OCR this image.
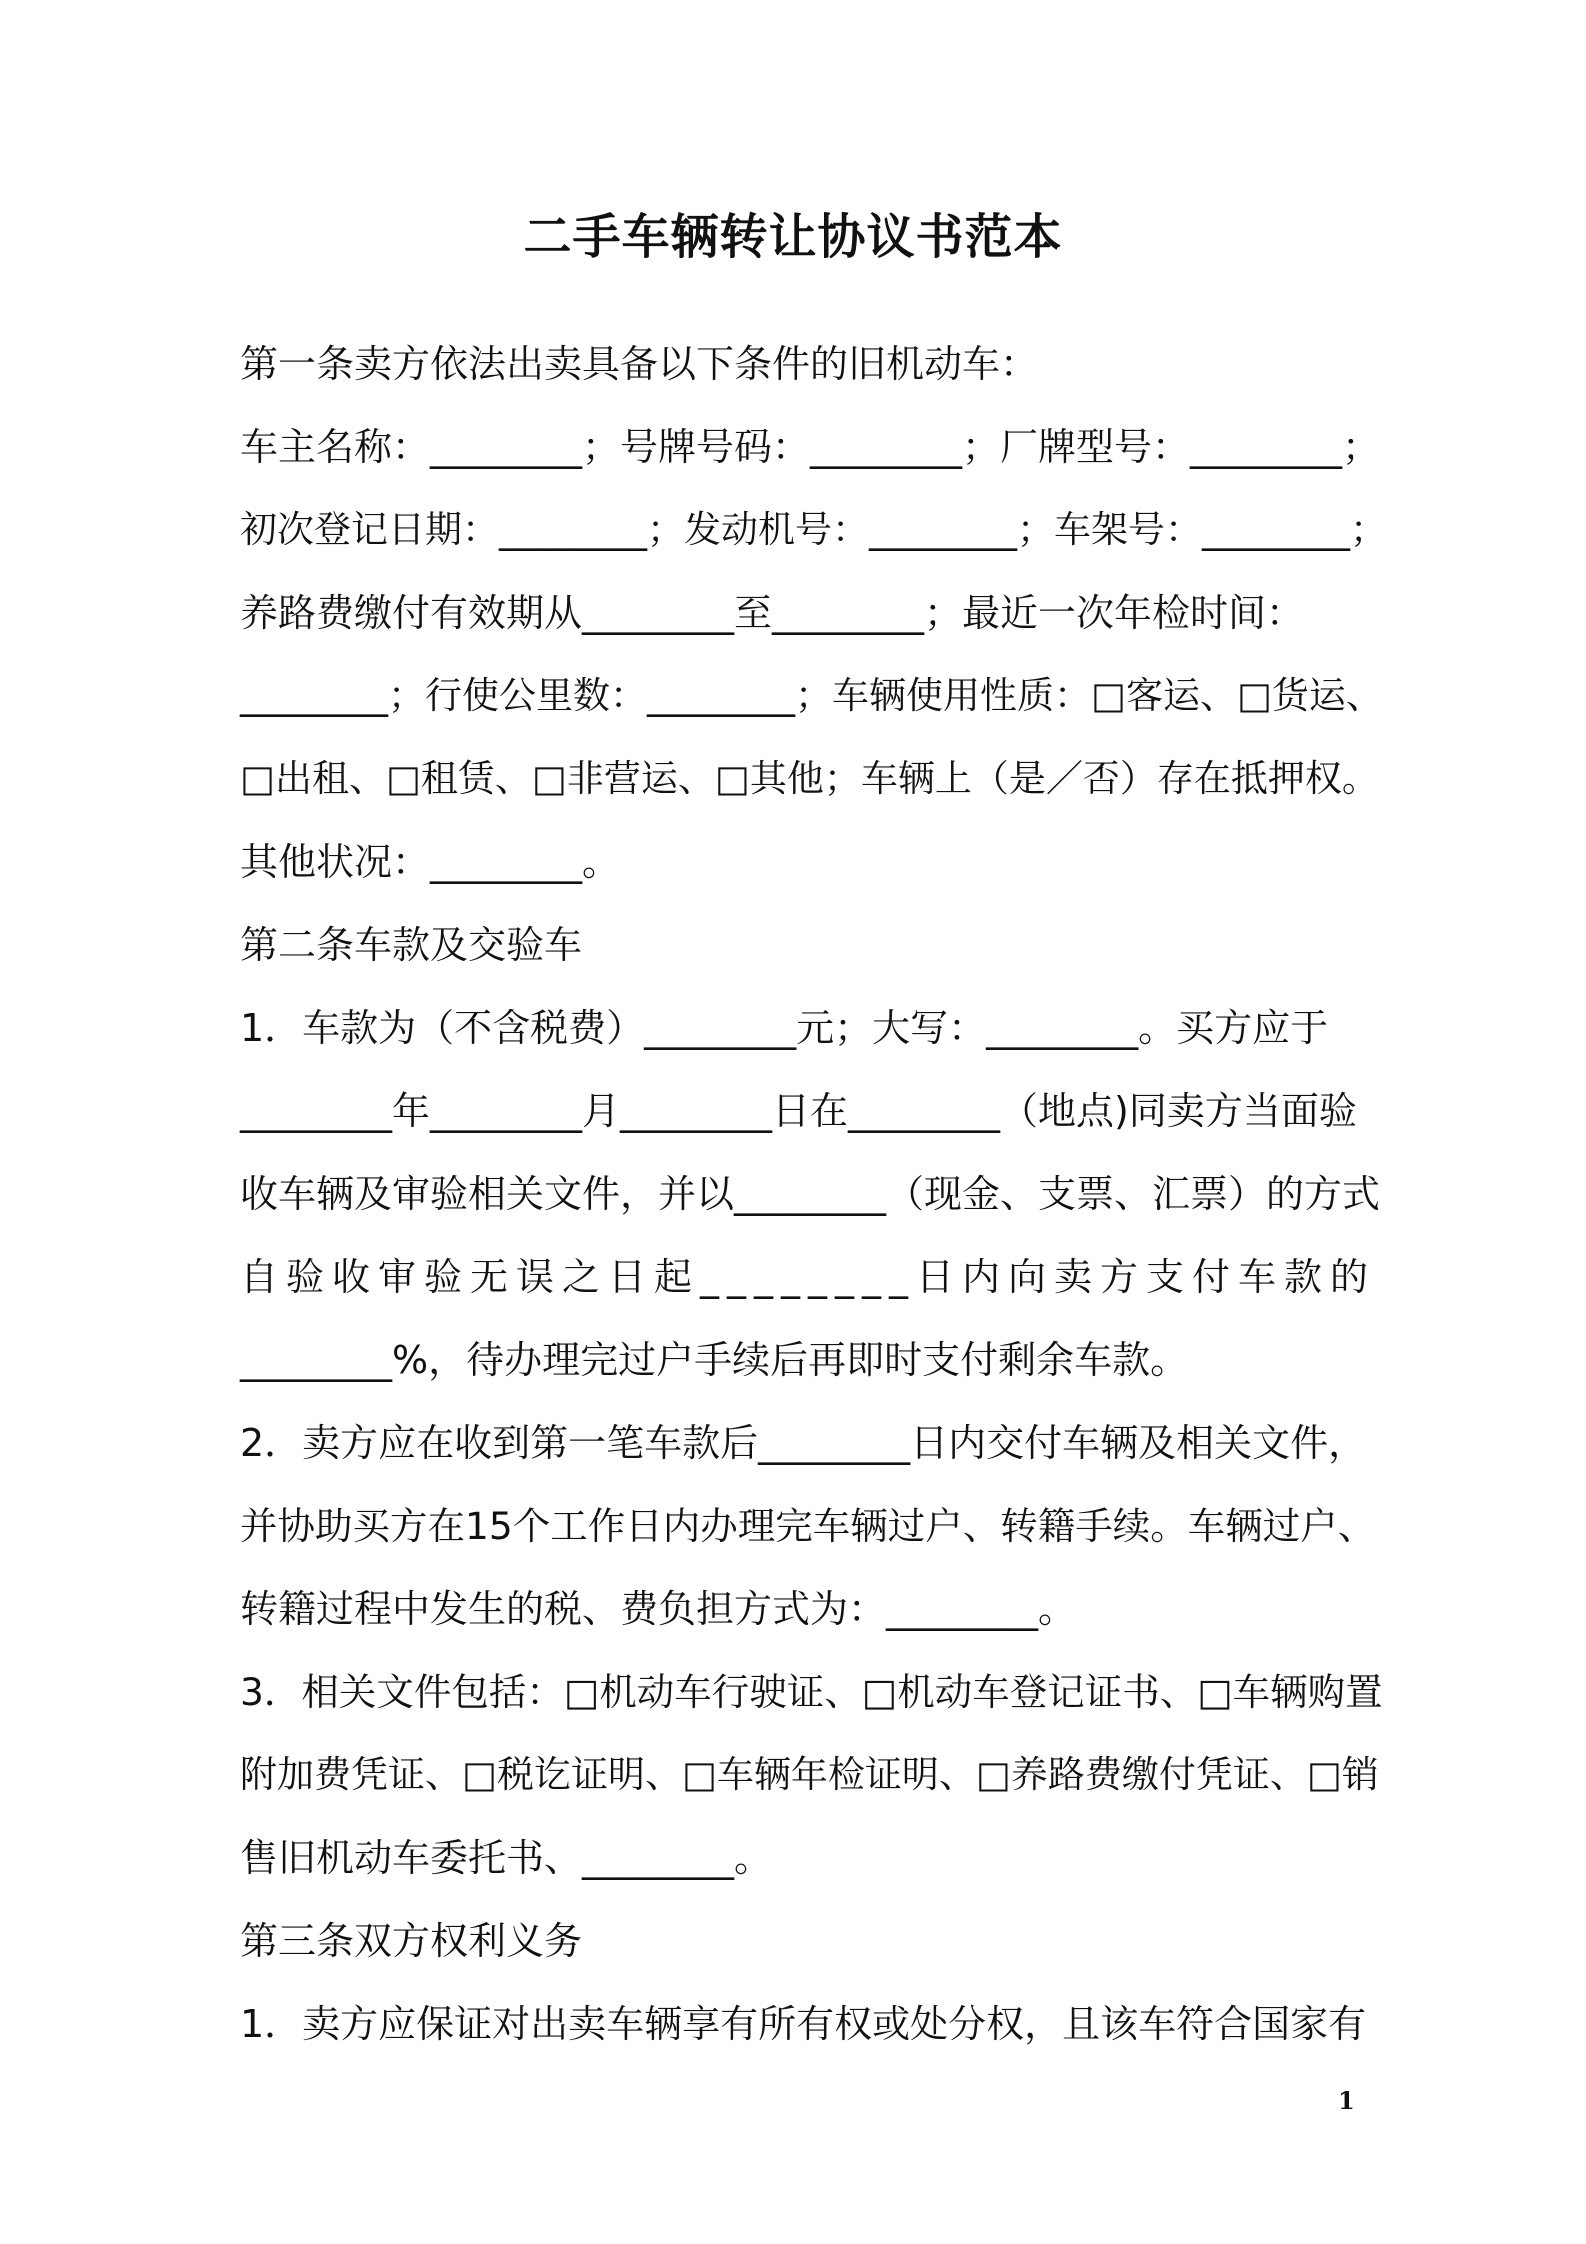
二手车辆转让协议书范本

第一条卖方依法出卖具备以下条件的旧机动车：

车主名称：________；号牌号码：________；厂牌型号：________；

初次登记日期：________；发动机号：________；车架号：________；

养路费缴付有效期从________至________；最近一次年检时间：

________；行使公里数：________；车辆使用性质：□客运、□货运、

□出租、□租赁、□非营运、□其他；车辆上（是／否）存在抵押权。

其他状况：________。

第二条车款及交验车

1．车款为（不含税费）________元；大写：________。买方应于

________年________月________日在________（地点)同卖方当面验

收车辆及审验相关文件，并以________（现金、支票、汇票）的方式

自验收审验无误之日起________日内向卖方支付车款的

________%，待办理完过户手续后再即时支付剩余车款。

2．卖方应在收到第一笔车款后________日内交付车辆及相关文件，

并协助买方在15个工作日内办理完车辆过户、转籍手续。车辆过户、

转籍过程中发生的税、费负担方式为：________。

3．相关文件包括：□机动车行驶证、□机动车登记证书、□车辆购置

附加费凭证、□税讫证明、□车辆年检证明、□养路费缴付凭证、□销

售旧机动车委托书、________。

第三条双方权利义务

1．卖方应保证对出卖车辆享有所有权或处分权，且该车符合国家有

1
